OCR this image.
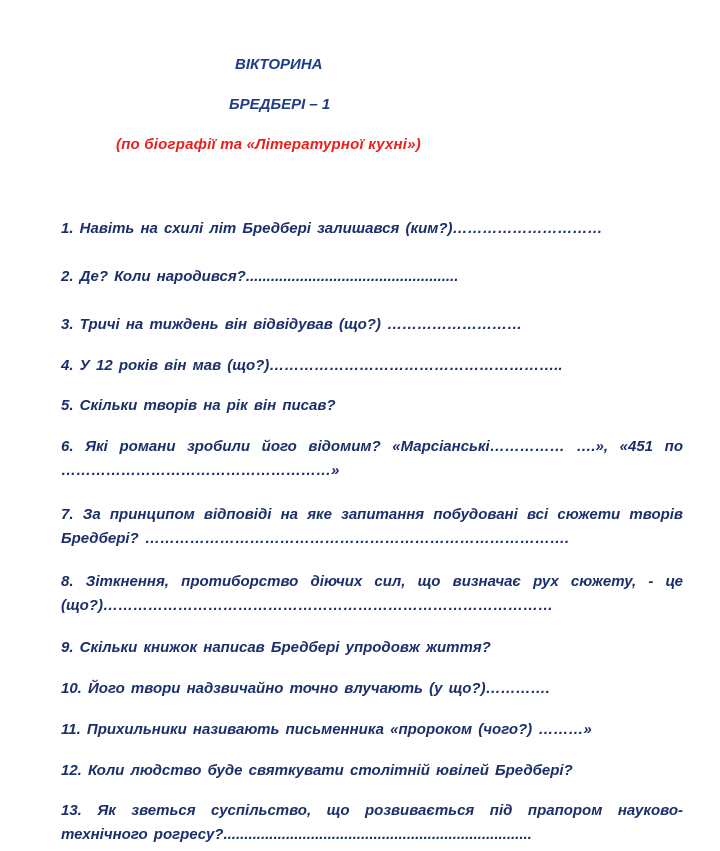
ВІКТОРИНА
БРЕДБЕРІ – 1
(по біографії та «Літературної кухні»)
1. Навіть на схилі літ Бредбері залишався (ким?)…………………………
2. Де? Коли народився?...................................................
3. Тричі на тиждень він відвідував (що?) ………………………
4. У 12 років він мав (що?)…………………………………………………..
5. Скільки творів на рік він писав?
6. Які романи зробили його відомим? «Марсіанські…………… ….», «451 по ………………………………………………»
7. За принципом відповіді на яке запитання побудовані всі сюжети творів Бредбері? ………………………………………………………………………….
8. Зіткнення, протиборство діючих сил, що визначає рух сюжету, - це (що?)………………………………………………………………………………
9. Скільки книжок написав Бредбері упродовж життя?
10. Його твори надзвичайно точно влучають (у що?)………….
11. Прихильники називають письменника «пророком (чого?) ………»
12. Коли людство буде святкувати столітній ювілей Бредбері?
13. Як зветься суспільство, що розвивається під прапором науково-технічного рогресу?..........................................................................
